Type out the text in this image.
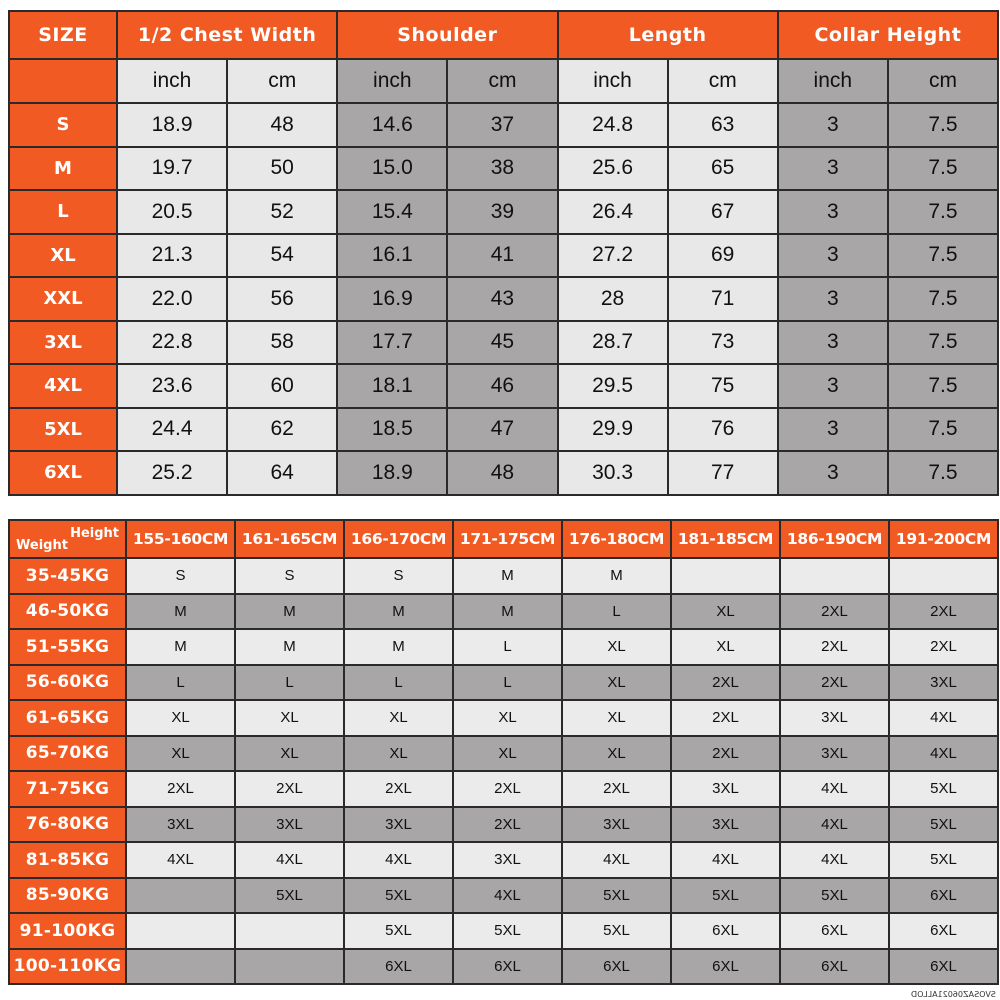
SIZE	1/2 Chest Width		Shoulder		Length		Collar Height	
	inch	cm	inch	cm	inch	cm	inch	cm
S	18.9	48	14.6	37	24.8	63	3	7.5
M	19.7	50	15.0	38	25.6	65	3	7.5
L	20.5	52	15.4	39	26.4	67	3	7.5
XL	21.3	54	16.1	41	27.2	69	3	7.5
XXL	22.0	56	16.9	43	28	71	3	7.5
3XL	22.8	58	17.7	45	28.7	73	3	7.5
4XL	23.6	60	18.1	46	29.5	75	3	7.5
5XL	24.4	62	18.5	47	29.9	76	3	7.5
6XL	25.2	64	18.9	48	30.3	77	3	7.5
Height
Weight	155-160CM	161-165CM	166-170CM	171-175CM	176-180CM	181-185CM	186-190CM	191-200CM
35-45KG	S	S	S	M	M			
46-50KG	M	M	M	M	L	XL	2XL	2XL
51-55KG	M	M	M	L	XL	XL	2XL	2XL
56-60KG	L	L	L	L	XL	2XL	2XL	3XL
61-65KG	XL	XL	XL	XL	XL	2XL	3XL	4XL
65-70KG	XL	XL	XL	XL	XL	2XL	3XL	4XL
71-75KG	2XL	2XL	2XL	2XL	2XL	3XL	4XL	5XL
76-80KG	3XL	3XL	3XL	2XL	3XL	3XL	4XL	5XL
81-85KG	4XL	4XL	4XL	3XL	4XL	4XL	4XL	5XL
85-90KG		5XL	5XL	4XL	5XL	5XL	5XL	6XL
91-100KG			5XL	5XL	5XL	6XL	6XL	6XL
100-110KG			6XL	6XL	6XL	6XL	6XL	6XL
SVOSAZ06021ALLOD
